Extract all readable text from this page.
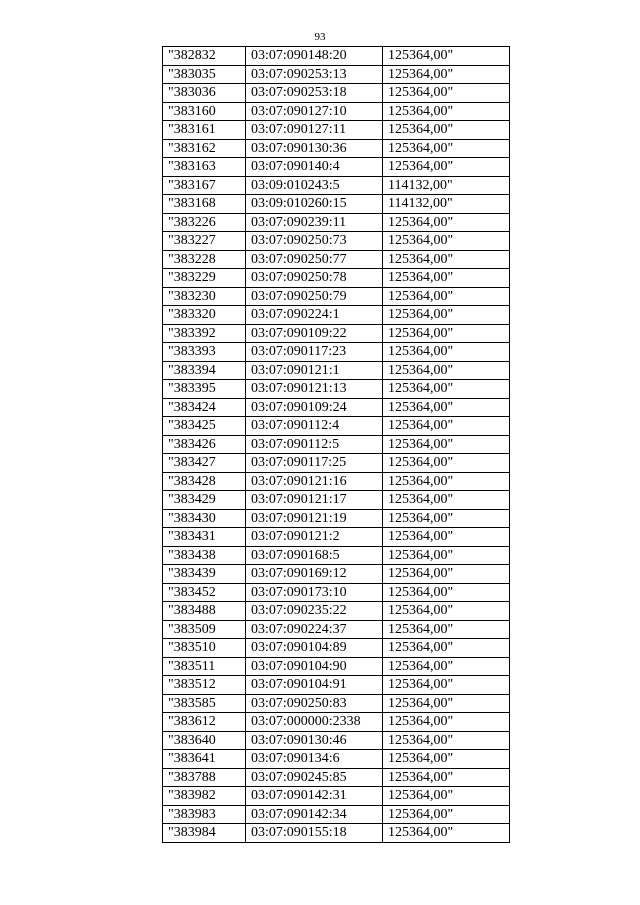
93
"382832	03:07:090148:20	125364,00"
"383035	03:07:090253:13	125364,00"
"383036	03:07:090253:18	125364,00"
"383160	03:07:090127:10	125364,00"
"383161	03:07:090127:11	125364,00"
"383162	03:07:090130:36	125364,00"
"383163	03:07:090140:4	125364,00"
"383167	03:09:010243:5	114132,00"
"383168	03:09:010260:15	114132,00"
"383226	03:07:090239:11	125364,00"
"383227	03:07:090250:73	125364,00"
"383228	03:07:090250:77	125364,00"
"383229	03:07:090250:78	125364,00"
"383230	03:07:090250:79	125364,00"
"383320	03:07:090224:1	125364,00"
"383392	03:07:090109:22	125364,00"
"383393	03:07:090117:23	125364,00"
"383394	03:07:090121:1	125364,00"
"383395	03:07:090121:13	125364,00"
"383424	03:07:090109:24	125364,00"
"383425	03:07:090112:4	125364,00"
"383426	03:07:090112:5	125364,00"
"383427	03:07:090117:25	125364,00"
"383428	03:07:090121:16	125364,00"
"383429	03:07:090121:17	125364,00"
"383430	03:07:090121:19	125364,00"
"383431	03:07:090121:2	125364,00"
"383438	03:07:090168:5	125364,00"
"383439	03:07:090169:12	125364,00"
"383452	03:07:090173:10	125364,00"
"383488	03:07:090235:22	125364,00"
"383509	03:07:090224:37	125364,00"
"383510	03:07:090104:89	125364,00"
"383511	03:07:090104:90	125364,00"
"383512	03:07:090104:91	125364,00"
"383585	03:07:090250:83	125364,00"
"383612	03:07:000000:2338	125364,00"
"383640	03:07:090130:46	125364,00"
"383641	03:07:090134:6	125364,00"
"383788	03:07:090245:85	125364,00"
"383982	03:07:090142:31	125364,00"
"383983	03:07:090142:34	125364,00"
"383984	03:07:090155:18	125364,00"
